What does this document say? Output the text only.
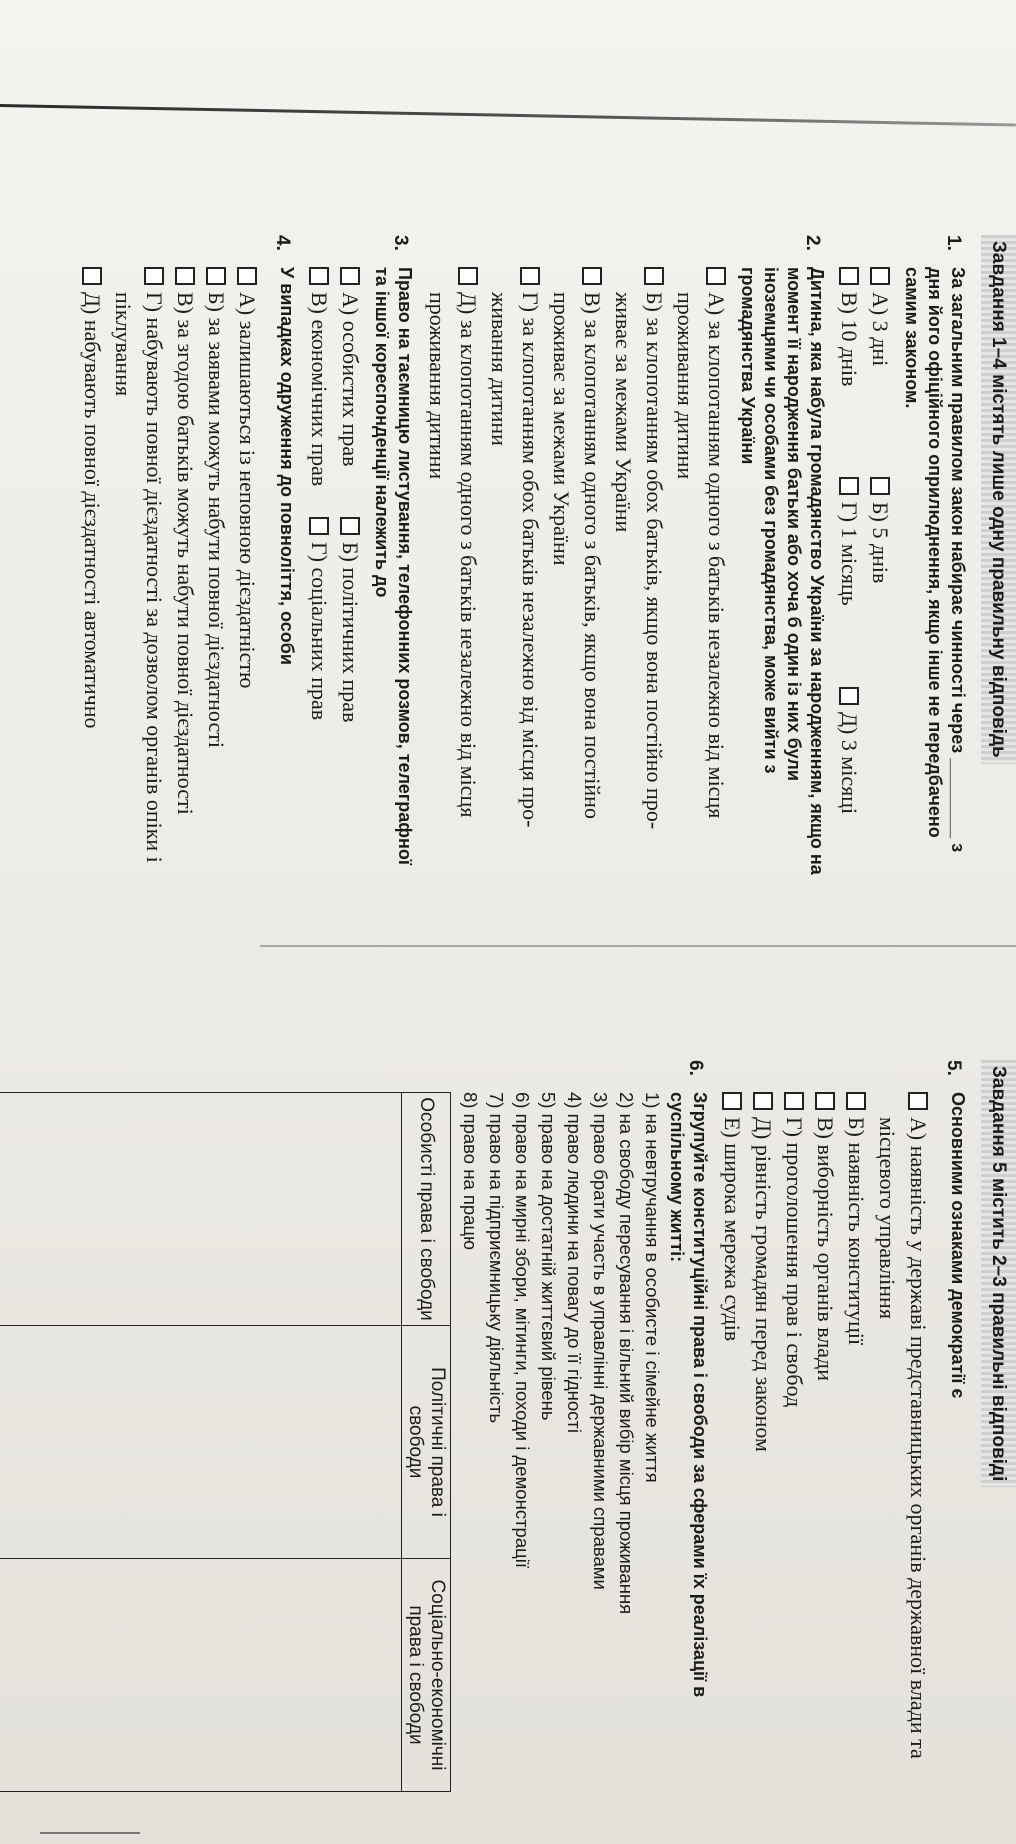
Завдання 1–4 містять лише одну правильну відповідь
1.
За загальним правилом закон набирає чинності через ________ з дня його офіційного оприлюднення, якщо інше не передбачено самим законом.
А) 3 дні
Б) 5 днів
В) 10 днів
Г) 1 місяць
Д) 3 місяці
2.
Дитина, яка набула громадянство України за народженням, якщо на момент її народження батьки або хоча б один із них були іноземцями чи особами без громадянства, може вийти з громадянства України
А) за клопотанням одного з батьків незалежно від місця проживання дитини
Б) за клопотанням обох батьків, якщо вона постійно проживає за межами України
В) за клопотанням одного з батьків, якщо вона постійно проживає за межами України
Г) за клопотанням обох батьків незалежно від місця проживання дитини
Д) за клопотанням одного з батьків незалежно від місця проживання дитини
3.
Право на таємницю листування, телефонних розмов, телеграфної та іншої кореспонденції належить до
А) особистих прав
Б) політичних прав
В) економічних прав
Г) соціальних прав
4.
У випадках одруження до повноліття, особи
А) залишаються із неповною дієздатністю
Б) за заявами можуть набути повної дієздатності
В) за згодою батьків можуть набути повної дієздатності
Г) набувають повної дієздатності за дозволом органів опіки і піклування
Д) набувають повної дієздатності автоматично
Завдання 5 містить 2–3 правильні відповіді
5.
Основними ознаками демократії є
А) наявність у державі представницьких органів державної влади та місцевого управління
Б) наявність конституції
В) виборність органів влади
Г) проголошення прав і свобод
Д) рівність громадян перед законом
Е) широка мережа судів
6.
Згрупуйте конституційні права і свободи за сферами їх реалізації в суспільному житті:
1) на невтручання в особисте і сімейне життя
2) на свободу пересування і вільний вибір місця проживання
3) право брати участь в управлінні державними справами
4) право людини на повагу до її гідності
5) право на достатній життєвий рівень
6) право на мирні збори, мітинги, походи і демонстрації
7) право на підприємницьку діяльність
8) право на працю
Особисті права і свободи	Політичні права і свободи	Соціально-економічні права і свободи
